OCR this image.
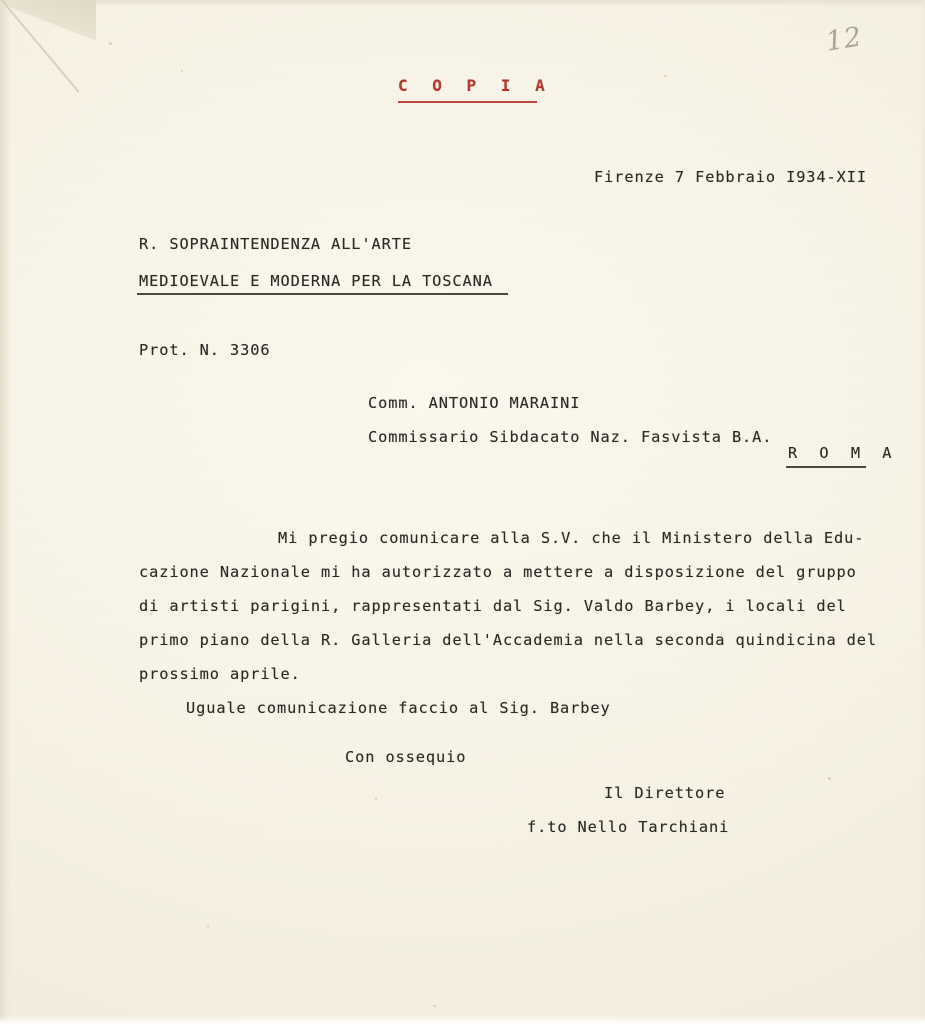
12
C O P I A
Firenze 7 Febbraio I934-XII
R. SOPRAINTENDENZA ALL'ARTE
MEDIOEVALE E MODERNA PER LA TOSCANA
Prot. N. 3306
Comm. ANTONIO MARAINI
Commissario Sibdacato Naz. Fasvista B.A.
R O M A
Mi pregio comunicare alla S.V. che il Ministero della Edu-
cazione Nazionale mi ha autorizzato a mettere a disposizione del gruppo
di artisti parigini, rappresentati dal Sig. Valdo Barbey, i locali del
primo piano della R. Galleria dell'Accademia nella seconda quindicina del
prossimo aprile.
Uguale comunicazione faccio al Sig. Barbey
Con ossequio
Il Direttore
f.to Nello Tarchiani
